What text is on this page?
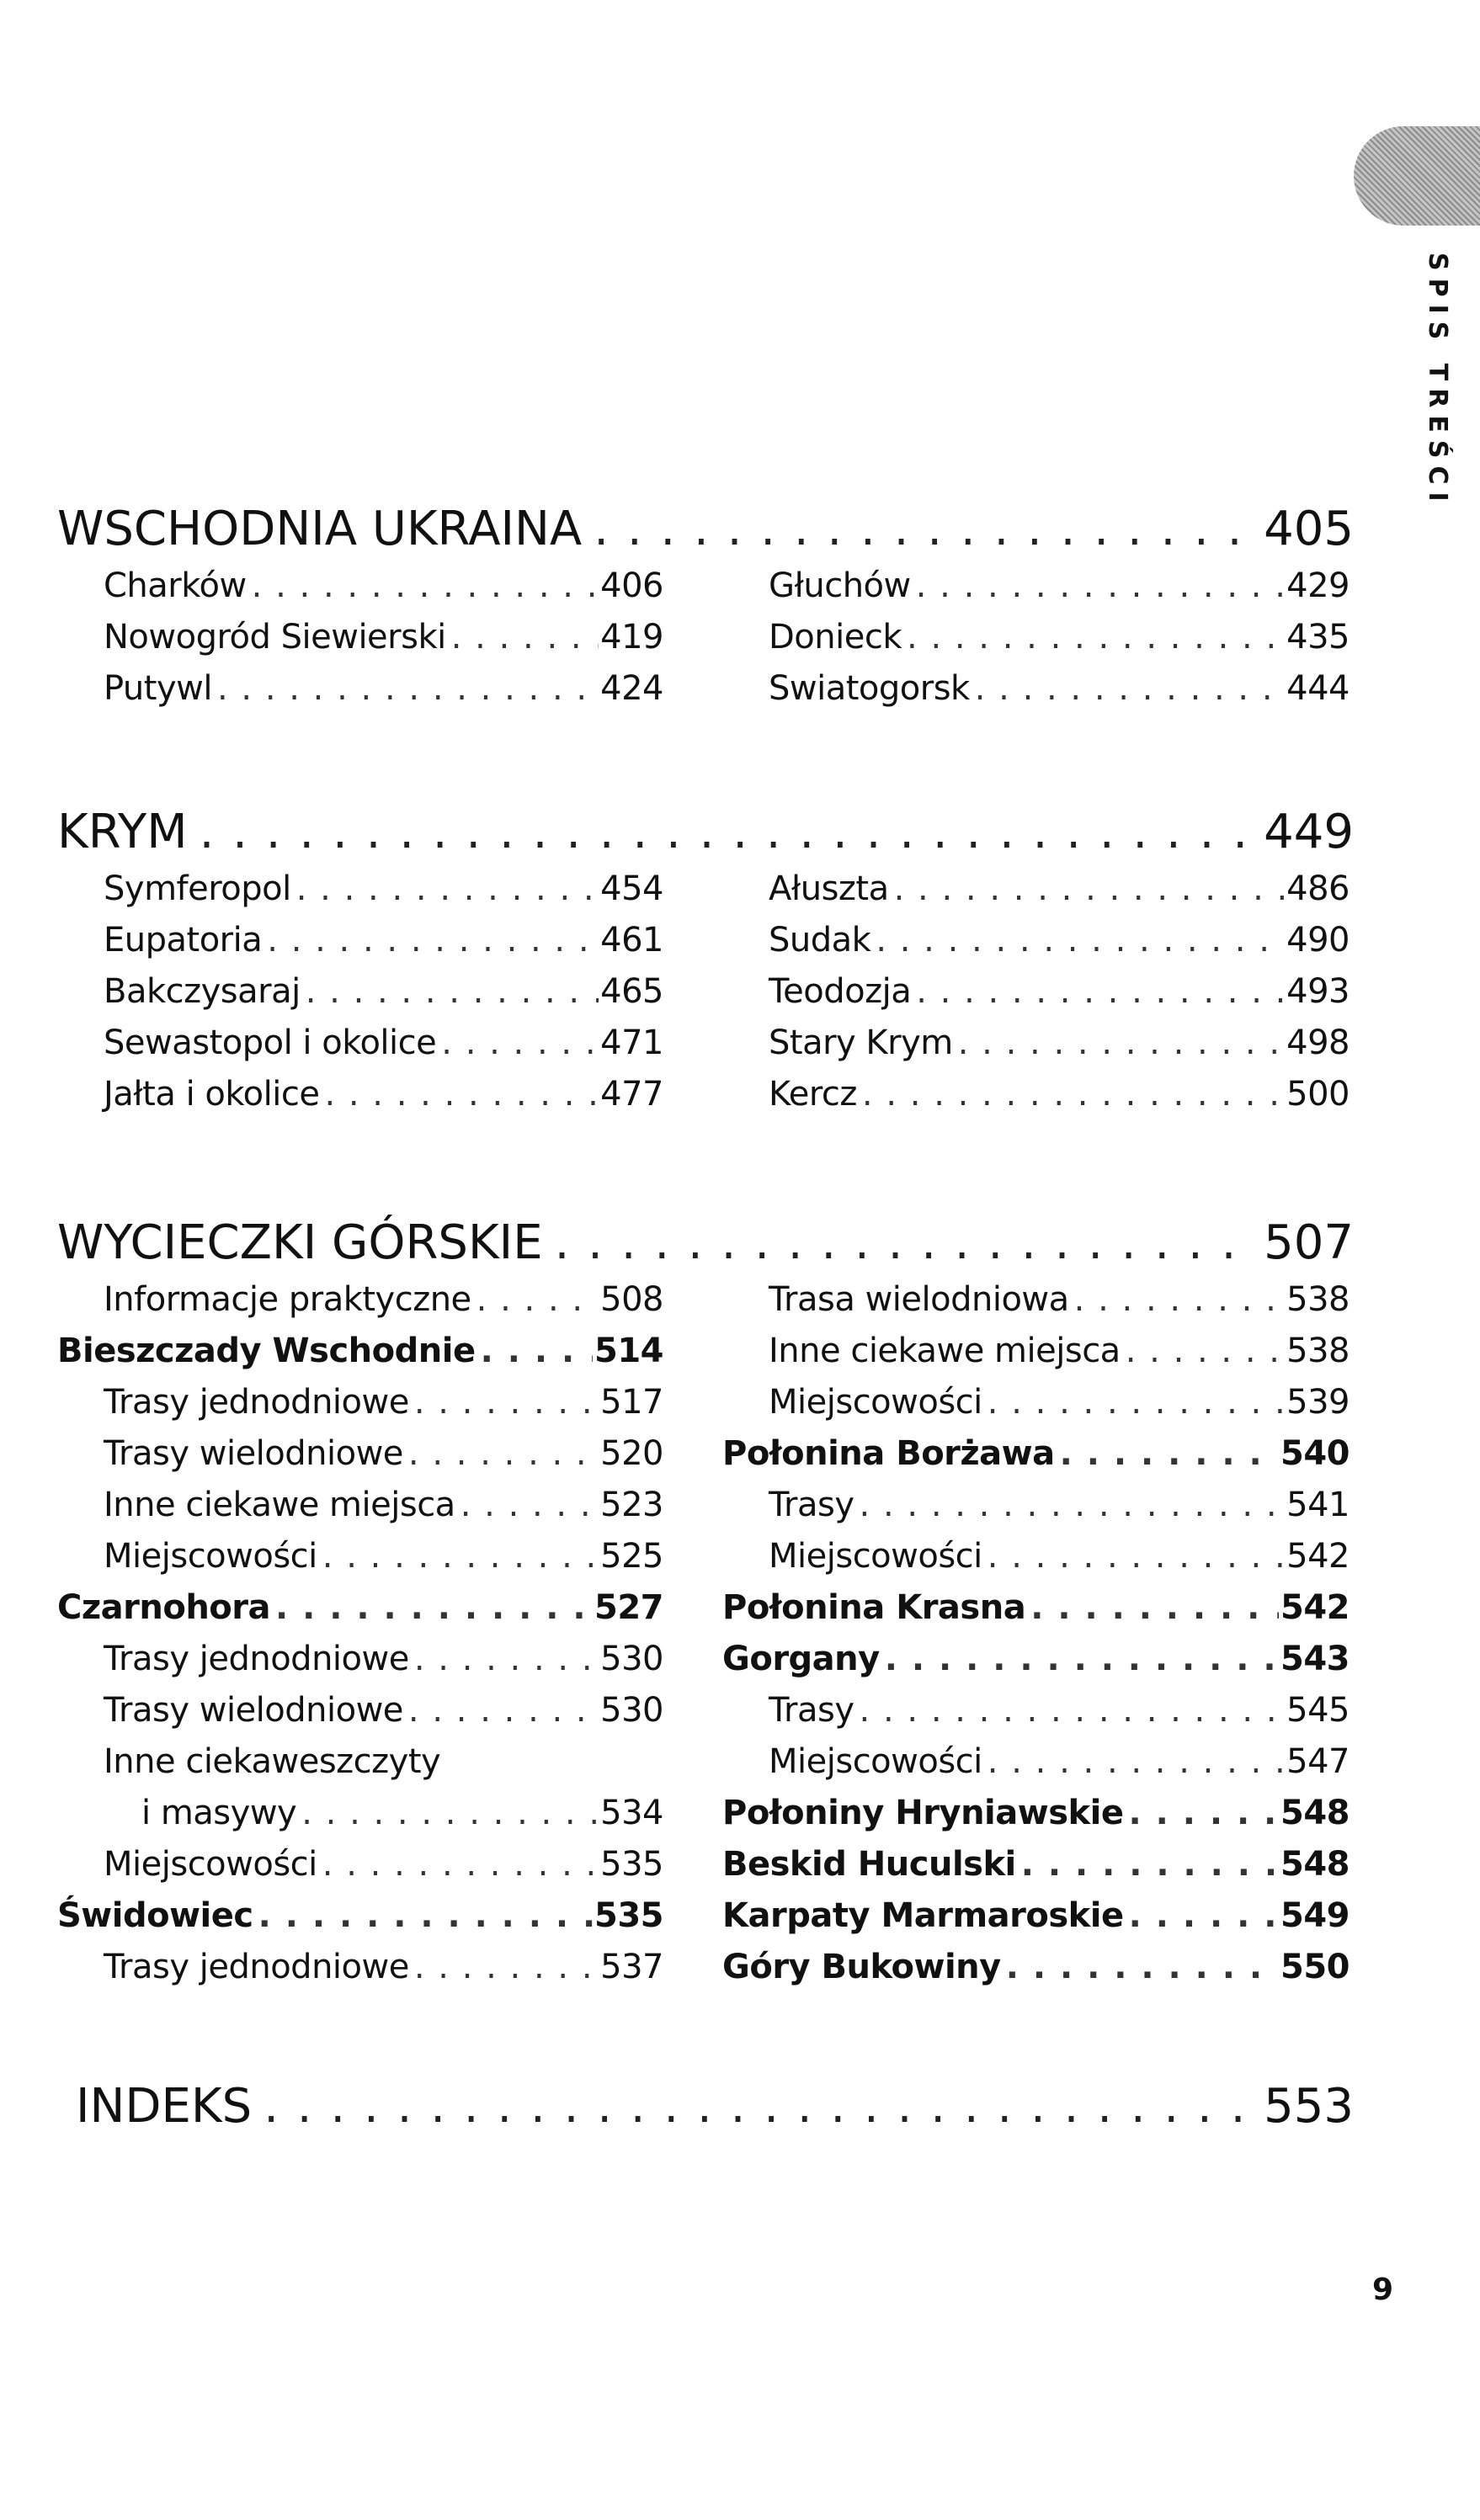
SPIS TREŚCI
WSCHODNIA UKRAINA . . .	405
Charków . . .	406
Nowogród Siewierski . . .	419
Putywl . . .	424
Głuchów . . .	429
Donieck . . .	435
Swiatogorsk . . .	444
KRYM . . .	449
Symferopol . . .	454
Eupatoria . . .	461
Bakczysaraj . . .	465
Sewastopol i okolice . . .	471
Jałta i okolice . . .	477
Ałuszta . . .	486
Sudak . . .	490
Teodozja . . .	493
Stary Krym . . .	498
Kercz . . .	500
WYCIECZKI GÓRSKIE . . .	507
Informacje praktyczne . . .	508
Bieszczady Wschodnie . . .	514
Trasy jednodniowe . . .	517
Trasy wielodniowe . . .	520
Inne ciekawe miejsca . . .	523
Miejscowości . . .	525
Czarnohora . . .	527
Trasy jednodniowe . . .	530
Trasy wielodniowe . . .	530
Inne ciekaweszczyty
i masywy . . .	534
Miejscowości . . .	535
Świdowiec . . .	535
Trasy jednodniowe . . .	537
Trasa wielodniowa . . .	538
Inne ciekawe miejsca . . .	538
Miejscowości . . .	539
Połonina Borżawa . . .	540
Trasy . . .	541
Miejscowości . . .	542
Połonina Krasna . . .	542
Gorgany . . .	543
Trasy . . .	545
Miejscowości . . .	547
Połoniny Hryniawskie . . .	548
Beskid Huculski . . .	548
Karpaty Marmaroskie . . .	549
Góry Bukowiny . . .	550
INDEKS . . .	553
9
